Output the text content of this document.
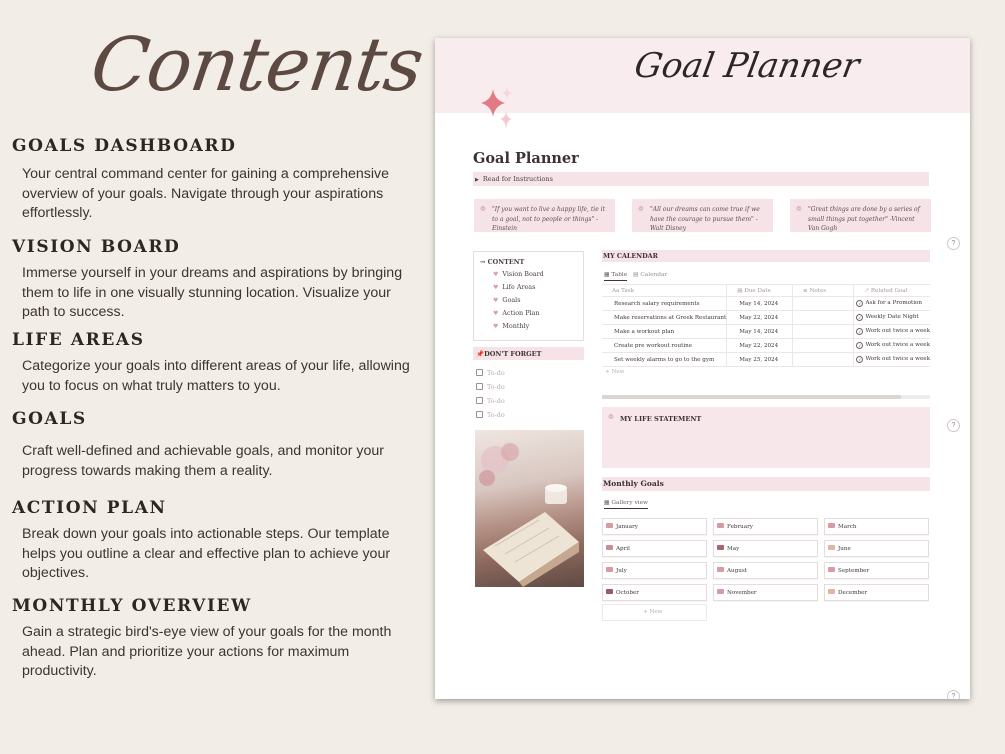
Contents
GOALS DASHBOARD

Your central command center for gaining a comprehensive overview of your goals. Navigate through your aspirations effortlessly.

VISION BOARD

Immerse yourself in your dreams and aspirations by bringing them to life in one visually stunning location. Visualize your path to success.

LIFE AREAS

Categorize your goals into different areas of your life, allowing you to focus on what truly matters to you.

GOALS

Craft well-defined and achievable goals, and monitor your progress towards making them a reality.

ACTION PLAN

Break down your goals into actionable steps. Our template helps you outline a clear and effective plan to achieve your objectives.

MONTHLY OVERVIEW

Gain a strategic bird's-eye view of your goals for the month ahead. Plan and prioritize your actions for maximum productivity.

Goal Planner
Goal Planner
▶ Read for Instructions
❁ "If you want to live a happy life, tie it to a goal, not to people or things" - Einstein
❁ "All our dreams can come true if we have the courage to pursue them" - Walt Disney
❁ "Great things are done by a series of small things put together" -Vincent Van Gogh
?
?
?
→ CONTENT
♥ Vision Board
♥ Life Areas
♥ Goals
♥ Action Plan
♥ Monthly
📌DON'T FORGET
To-do
To-do
To-do
To-do
MY CALENDAR
▦ Table ▤ Calendar
Aa Task	▤ Due Date	≡ Notes	↗ Related Goal
Research salary requirements	May 14, 2024		✓ Ask for a Promotion
Make reservations at Greek Restaurant	May 22, 2024		✓ Weekly Date Night
Make a workout plan	May 14, 2024		✓ Work out twice a week
Create pre workout routine	May 22, 2024		✓ Work out twice a week
Set weekly alarms to go to the gym	May 25, 2024		✓ Work out twice a week
+ New
❁ MY LIFE STATEMENT
Monthly Goals
▦ Gallery view
January	February	March
April	May	June
July	August	September
October	November	December
+ New
